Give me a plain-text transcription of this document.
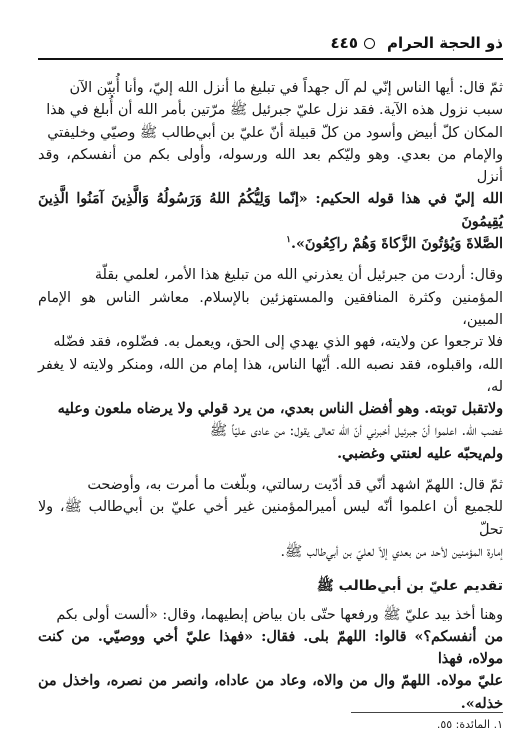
ذو الحجة الحرام
٤٤٥

ثمّ قال: أيها الناس إنّي لم آل جهداً في تبليغ ما أنزل الله إليّ، وأنا أُبيّن الآن

سبب نزول هذه الآية. فقد نزل عليّ جبرئيل ﷺ مرّتين بأمر الله أن أُبلغ في هذا

المكان كلّ أبيض وأسود من كلّ قبيلة أنّ عليّ بن أبي‌طالب ﷺ وصيّي وخليفتي

والإمام من بعدي. وهو وليّكم بعد الله ورسوله، وأولى بكم من أنفسكم، وقد أنزل

الله إليّ في هذا قوله الحكيم: «إنّما وَلِيُّكُمُ اللهُ وَرَسُولُهُ وَالَّذِينَ آمَنُوا الَّذِينَ يُقِيمُونَ

الصَّلاةَ وَيُؤتُونَ الزَّكاةَ وَهُمْ راكِعُونَ».$^١$

وقال: أردت من جبرئيل أن يعذرني الله من تبليغ هذا الأمر، لعلمي بقلّة

المؤمنين وكثرة المنافقين والمستهزئين بالإسلام. معاشر الناس هو الإمام المبين،

فلا ترجعوا عن ولايته، فهو الذي يهدي إلى الحق، ويعمل به. فضّلوه، فقد فضّله

الله، واقبلوه، فقد نصبه الله. أيّها الناس، هذا إمام من الله، ومنكر ولايته لا يغفر له،

ولاتقبل توبته. وهو أفضل الناس بعدي، من يرد قولي ولا يرضاه ملعون وعليه

غضب الله. اعلموا أنّ جبرئيل أخبرني أنّ الله تعالى يقول: من عادى عليّاً ﷺ

ولم‌يحبّه عليه لعنتي وغضبي.

ثمّ قال: اللهمّ اشهد أنّي قد أدّيت رسالتي، وبلّغت ما أمرت به، وأوضحت

للجميع أن اعلموا أنّه ليس أميرالمؤمنين غير أخي عليّ بن أبي‌طالب ﷺ، ولا تحلّ

إمارة المؤمنين لأحد من بعدي إلاّ لعليّ بن أبي‌طالب ﷺ.

تقديم عليّ بن أبي‌طالب ﷺ

وهنا أخذ بيد عليّ ﷺ ورفعها حتّى بان بياض إبطيهما، وقال: «ألست أولى بكم

من أنفسكم؟» قالوا: اللهمّ بلى. فقال: «فهذا عليّ أخي ووصيّي. من كنت مولاه، فهذا

عليّ مولاه. اللهمّ وال من والاه، وعاد من عاداه، وانصر من نصره، واخذل من خذله».

١. المائدة: ٥٥.
